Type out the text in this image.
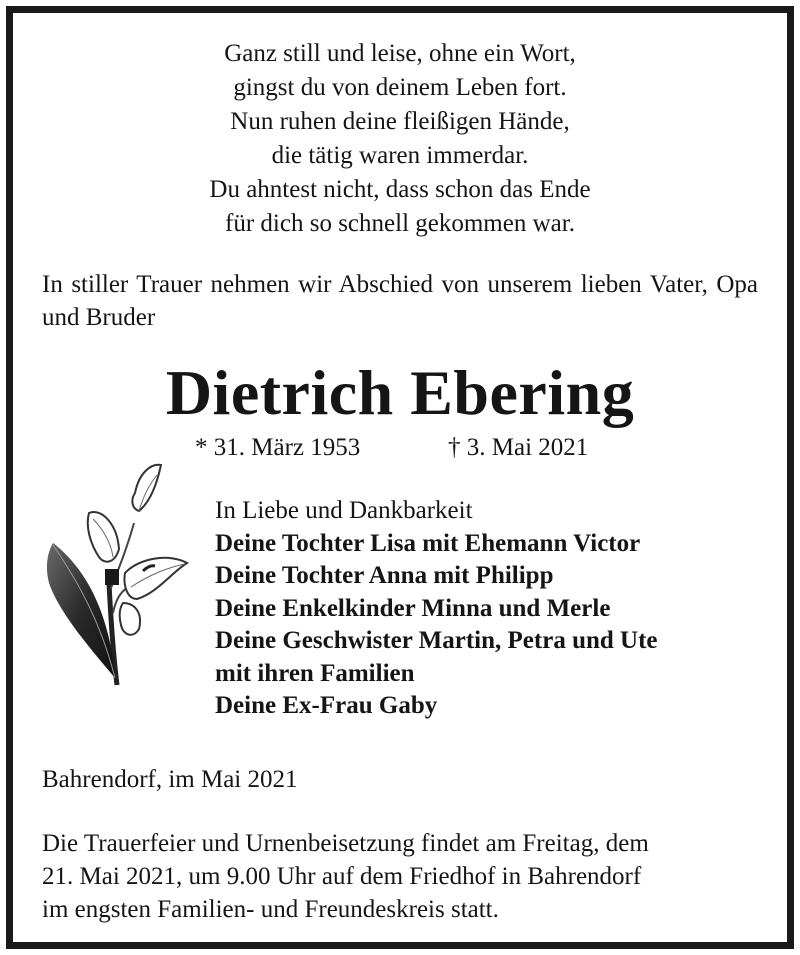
Ganz still und leise, ohne ein Wort,
gingst du von deinem Leben fort.
Nun ruhen deine fleißigen Hände,
die tätig waren immerdar.
Du ahntest nicht, dass schon das Ende
für dich so schnell gekommen war.
In stiller Trauer nehmen wir Abschied von unserem lieben Vater, Opa und Bruder
Dietrich Ebering
* 31. März 1953	† 3. Mai 2021
In Liebe und Dankbarkeit
Deine Tochter Lisa mit Ehemann Victor
Deine Tochter Anna mit Philipp
Deine Enkelkinder Minna und Merle
Deine Geschwister Martin, Petra und Ute
mit ihren Familien
Deine Ex-Frau Gaby
Bahrendorf, im Mai 2021
Die Trauerfeier und Urnenbeisetzung findet am Freitag, dem
21. Mai 2021, um 9.00 Uhr auf dem Friedhof in Bahrendorf
im engsten Familien- und Freundeskreis statt.
